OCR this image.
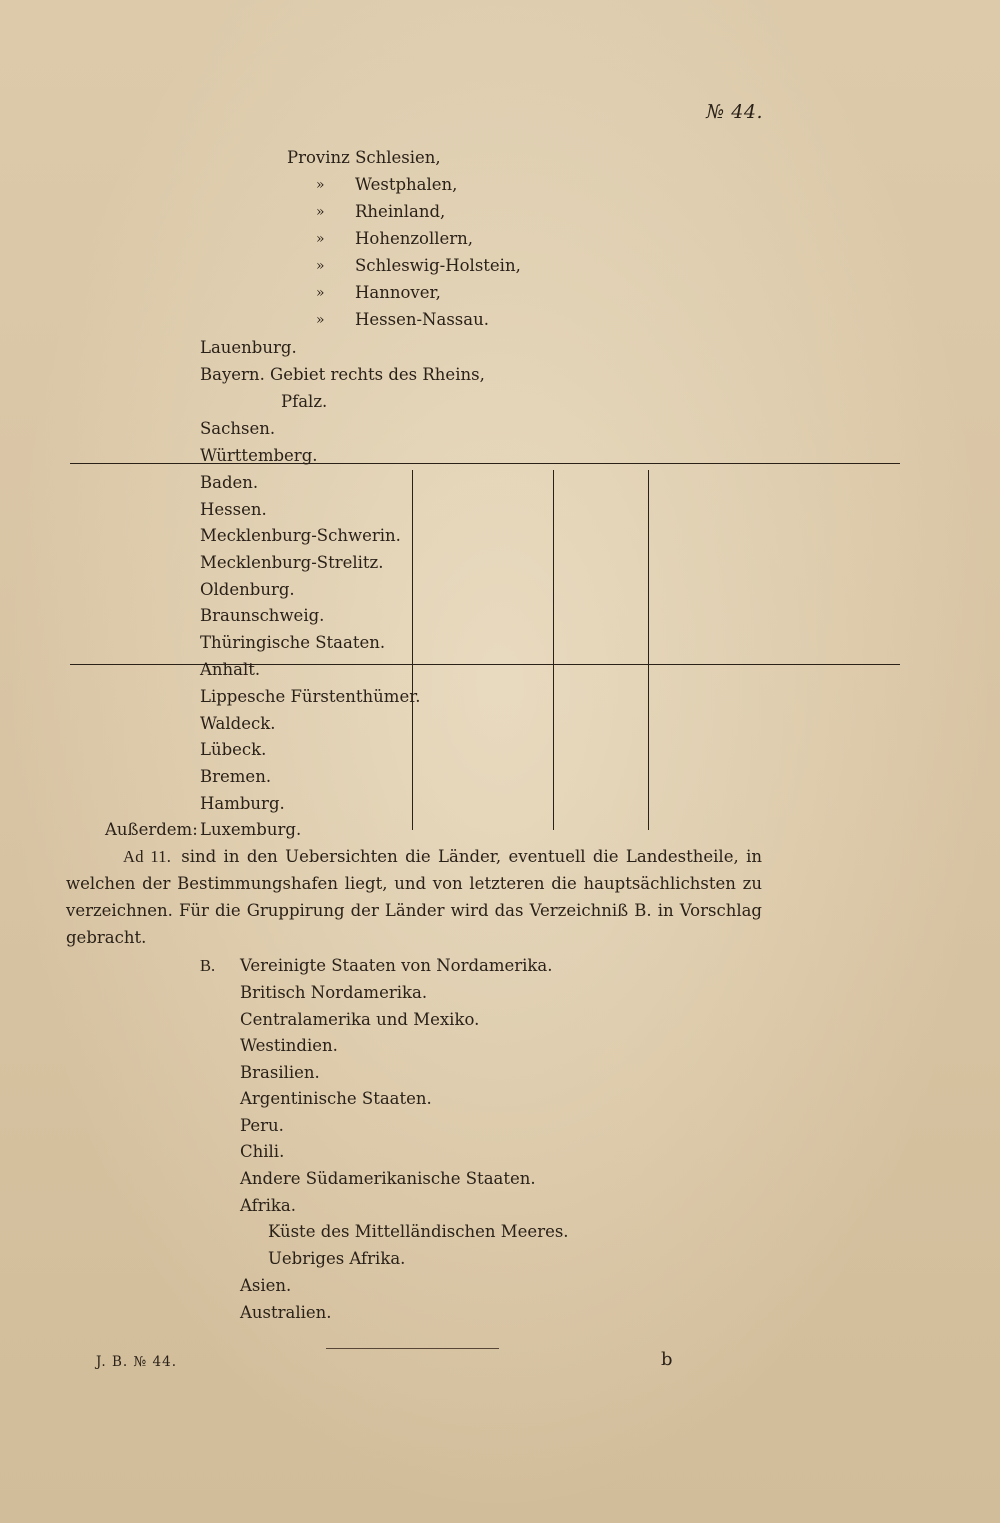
№ 44.
Provinz Schlesien,
» Westphalen,
» Rheinland,
» Hohenzollern,
» Schleswig-Holstein,
» Hannover,
» Hessen-Nassau.
Lauenburg.
Bayern. Gebiet rechts des Rheins,
Pfalz.
Sachsen.
Württemberg.
Baden.
Hessen.
Mecklenburg-Schwerin.
Mecklenburg-Strelitz.
Oldenburg.
Braunschweig.
Thüringische Staaten.
Anhalt.
Lippesche Fürstenthümer.
Waldeck.
Lübeck.
Bremen.
Hamburg.
Außerdem: Luxemburg.
Ad 11. sind in den Uebersichten die Länder, eventuell die Landestheile, in welchen der Bestimmungshafen liegt, und von letzteren die hauptsächlichsten zu verzeichnen. Für die Gruppirung der Länder wird das Verzeichniß B. in Vorschlag gebracht.
B. Vereinigte Staaten von Nordamerika.
Britisch Nordamerika.
Centralamerika und Mexiko.
Westindien.
Brasilien.
Argentinische Staaten.
Peru.
Chili.
Andere Südamerikanische Staaten.
Afrika.
Küste des Mittelländischen Meeres.
Uebriges Afrika.
Asien.
Australien.
J. B. № 44.	b
